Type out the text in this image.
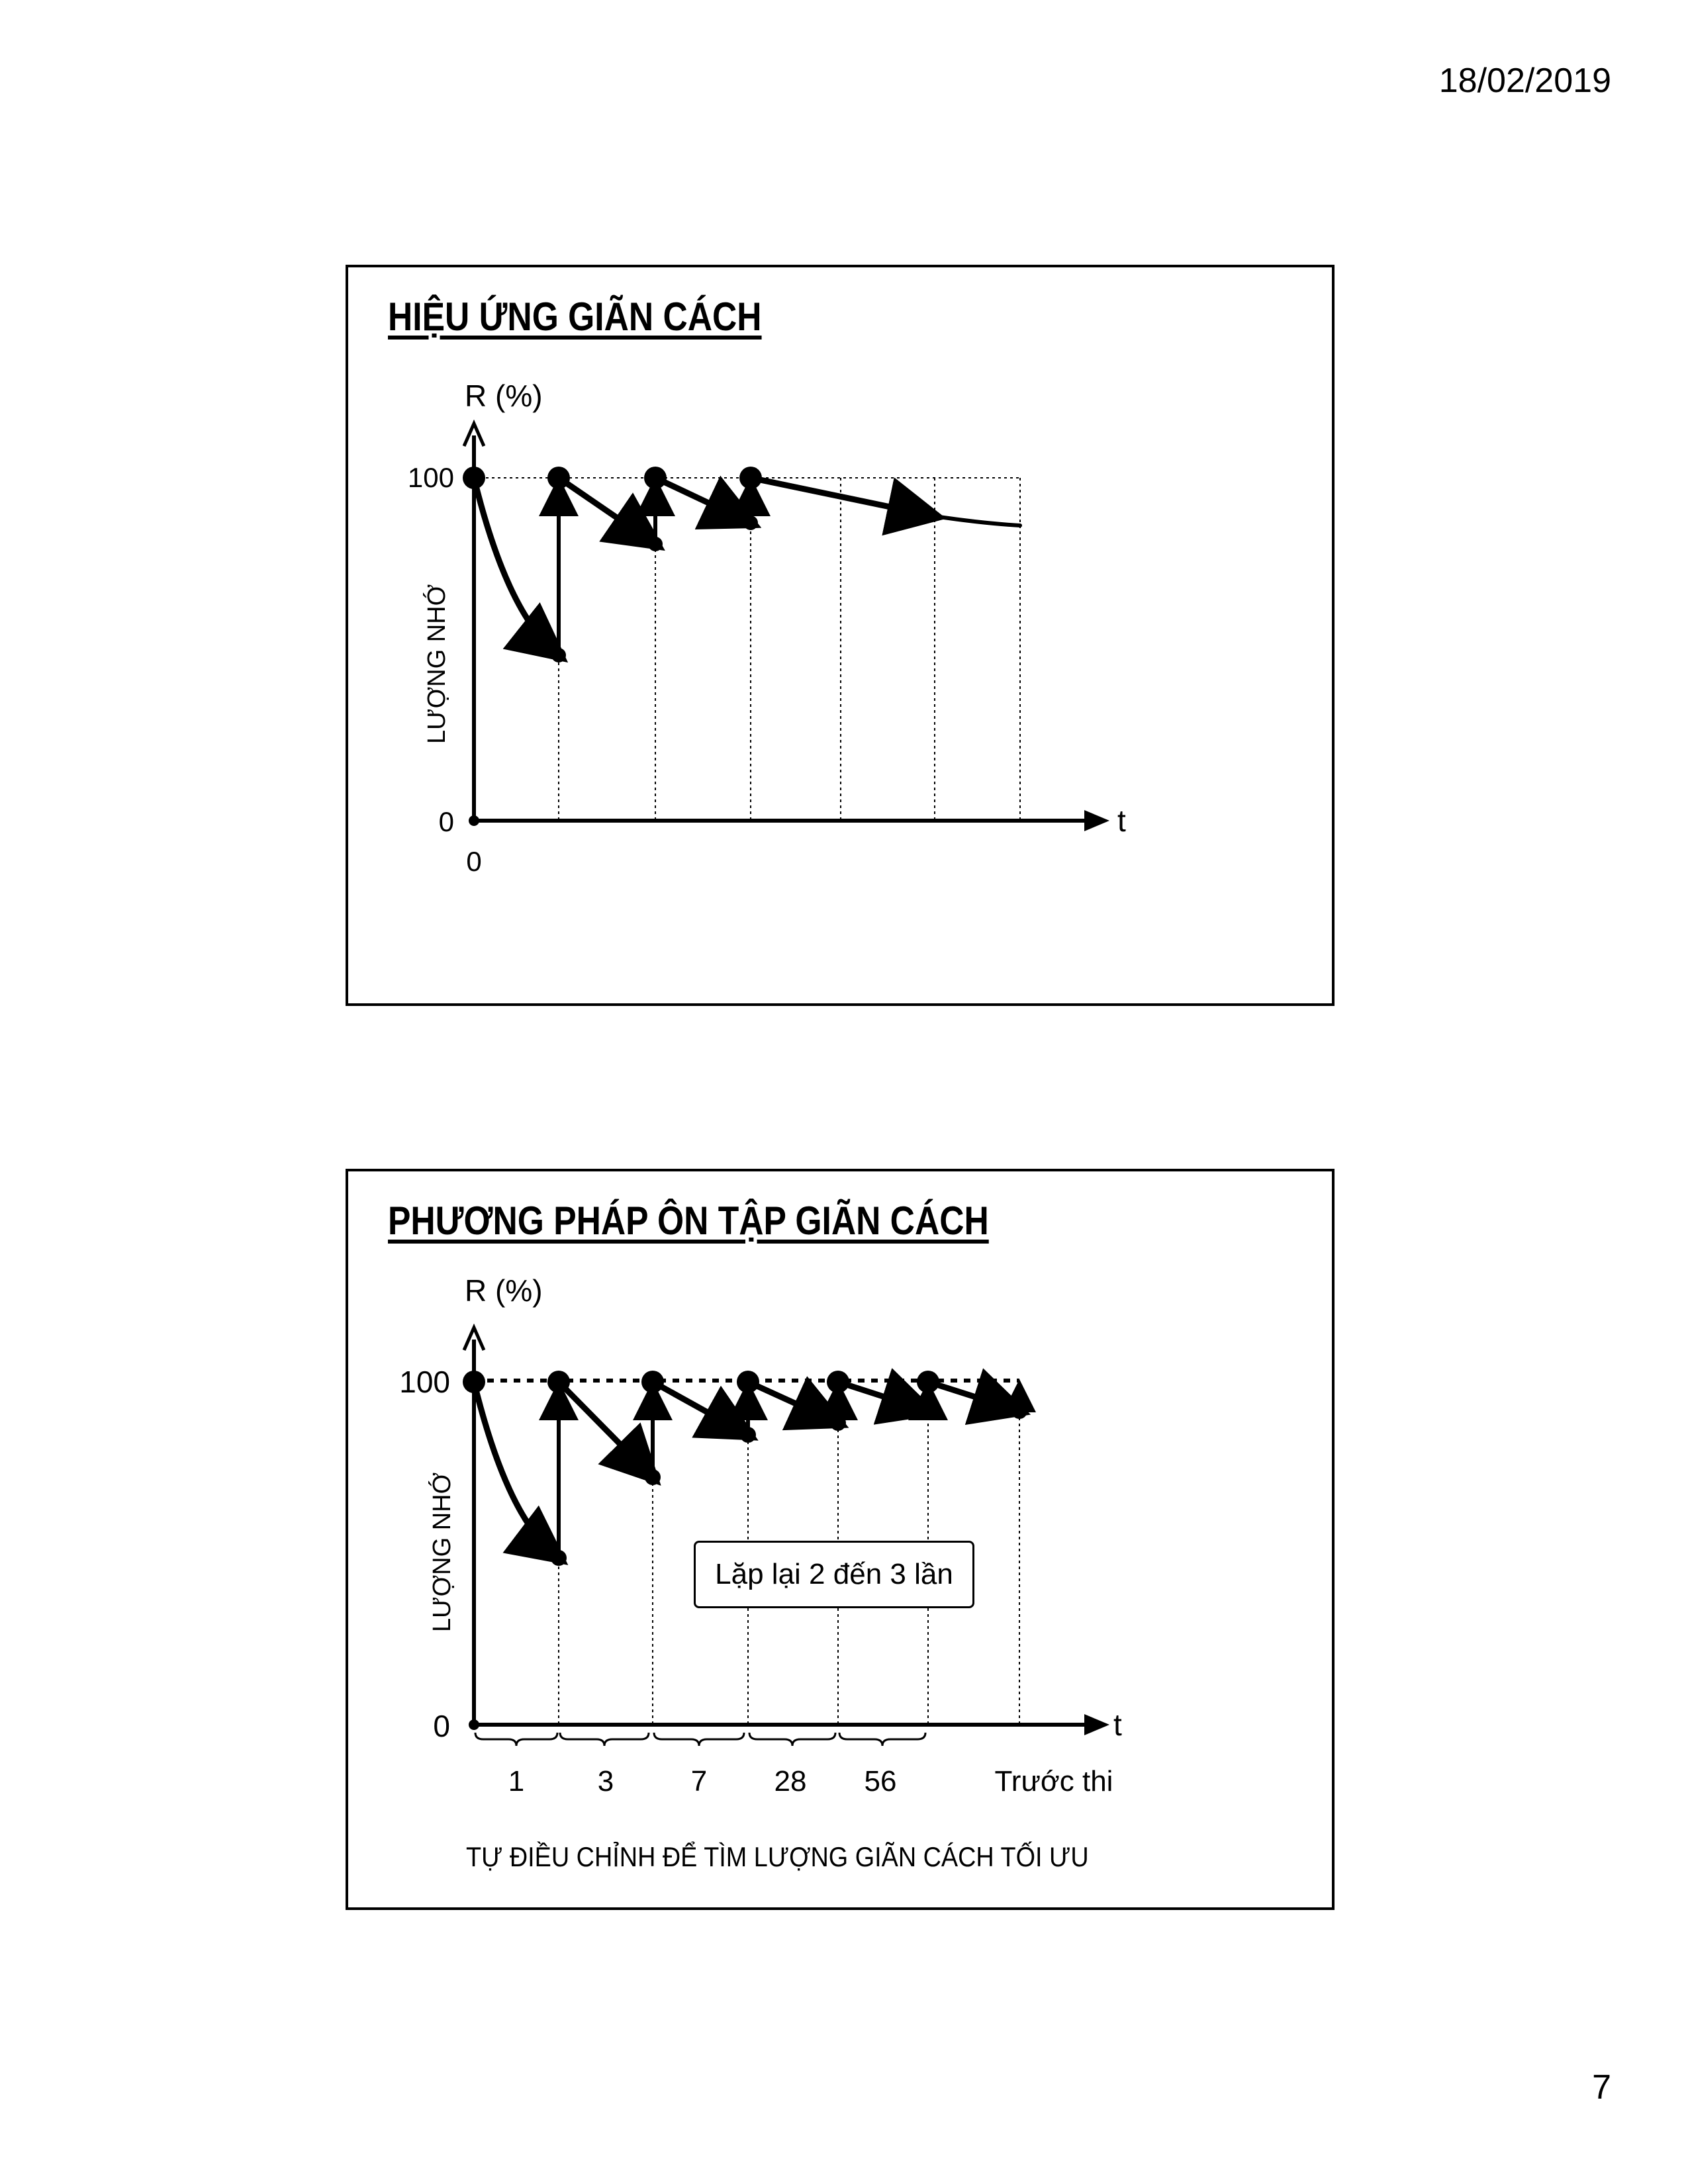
18/02/2019
HIỆU ỨNG GIÃN CÁCH
R (%)
100
0
0
t
LƯỢNG NHỚ
PHƯƠNG PHÁP ÔN TẬP GIÃN CÁCH
R (%)
100
0	t
LƯỢNG NHỚ
1	3	7 28 56	Trước thi
Lặp lại 2 đến 3 lần
TỰ ĐIỀU CHỈNH ĐỂ TÌM LƯỢNG GIÃN CÁCH TỐI ƯU
7
